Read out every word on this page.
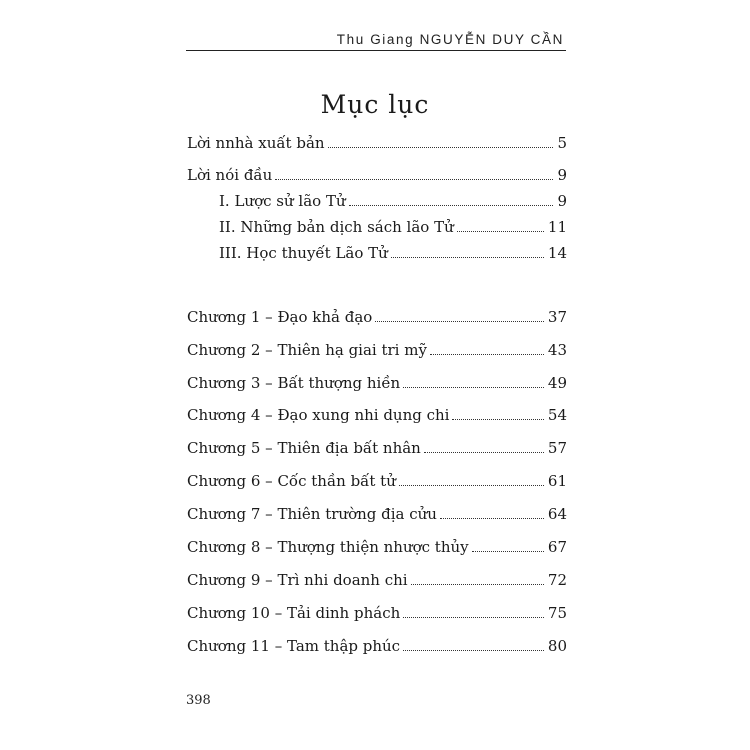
Thu Giang NGUYỄN DUY CẦN
Mục lục
Lời nnhà xuất bản	5
Lời nói đầu	9
I. Lược sử lão Tử	9
II. Những bản dịch sách lão Tử	11
III. Học thuyết Lão Tử	14
Chương 1 – Đạo khả đạo	37
Chương 2 – Thiên hạ giai tri mỹ	43
Chương 3 – Bất thượng hiền	49
Chương 4 – Đạo xung nhi dụng chi	54
Chương 5 – Thiên địa bất nhân	57
Chương 6 – Cốc thần bất tử	61
Chương 7 – Thiên trường địa cửu	64
Chương 8 – Thượng thiện nhược thủy	67
Chương 9 – Trì nhi doanh chi	72
Chương 10 – Tải dinh phách	75
Chương 11 – Tam thập phúc	80
398
